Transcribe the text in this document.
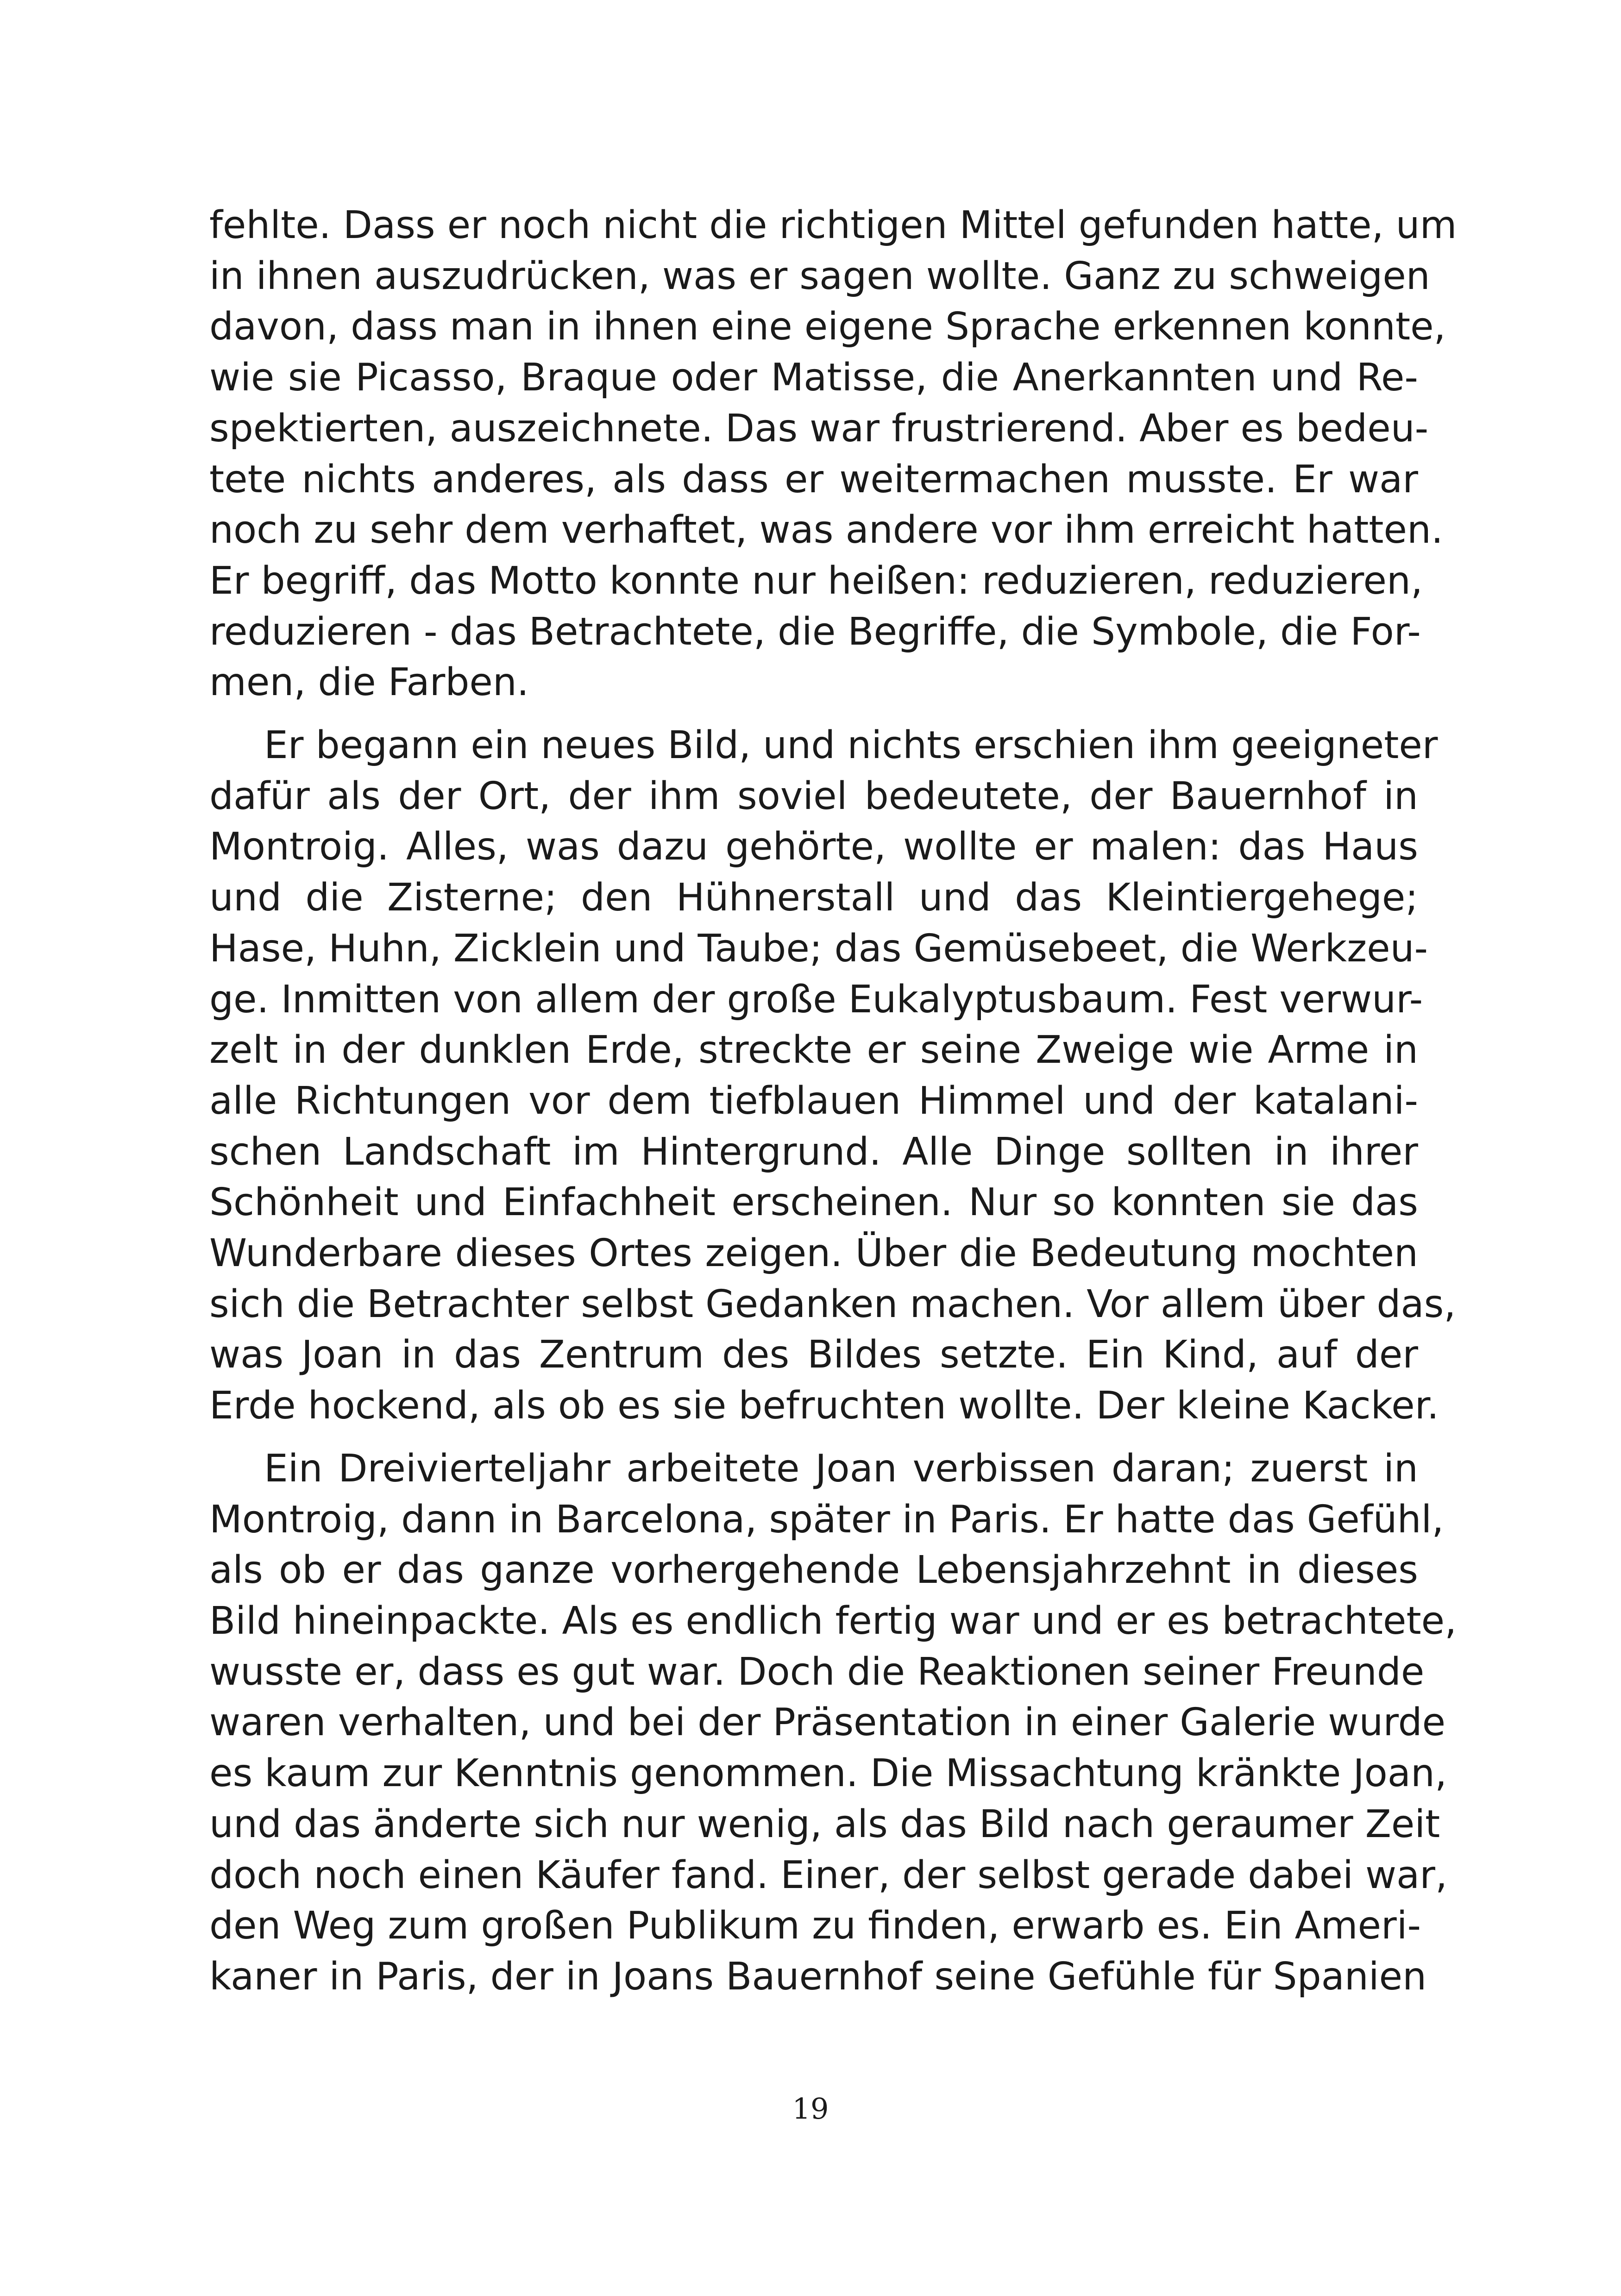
fehlte. Dass er noch nicht die richtigen Mittel gefunden hatte, um
in ihnen auszudrücken, was er sagen wollte. Ganz zu schweigen
davon, dass man in ihnen eine eigene Sprache erkennen konnte,
wie sie Picasso, Braque oder Matisse, die Anerkannten und Re-
spektierten, auszeichnete. Das war frustrierend. Aber es bedeu-
tete nichts anderes, als dass er weitermachen musste. Er war
noch zu sehr dem verhaftet, was andere vor ihm erreicht hatten.
Er begriff, das Motto konnte nur heißen: reduzieren, reduzieren,
reduzieren - das Betrachtete, die Begriffe, die Symbole, die For-
men, die Farben.

Er begann ein neues Bild, und nichts erschien ihm geeigneter
dafür als der Ort, der ihm soviel bedeutete, der Bauernhof in
Montroig. Alles, was dazu gehörte, wollte er malen: das Haus
und die Zisterne; den Hühnerstall und das Kleintiergehege;
Hase, Huhn, Zicklein und Taube; das Gemüsebeet, die Werkzeu-
ge. Inmitten von allem der große Eukalyptusbaum. Fest verwur-
zelt in der dunklen Erde, streckte er seine Zweige wie Arme in
alle Richtungen vor dem tiefblauen Himmel und der katalani-
schen Landschaft im Hintergrund. Alle Dinge sollten in ihrer
Schönheit und Einfachheit erscheinen. Nur so konnten sie das
Wunderbare dieses Ortes zeigen. Über die Bedeutung mochten
sich die Betrachter selbst Gedanken machen. Vor allem über das,
was Joan in das Zentrum des Bildes setzte. Ein Kind, auf der
Erde hockend, als ob es sie befruchten wollte. Der kleine Kacker.

Ein Dreivierteljahr arbeitete Joan verbissen daran; zuerst in
Montroig, dann in Barcelona, später in Paris. Er hatte das Gefühl,
als ob er das ganze vorhergehende Lebensjahrzehnt in dieses
Bild hineinpackte. Als es endlich fertig war und er es betrachtete,
wusste er, dass es gut war. Doch die Reaktionen seiner Freunde
waren verhalten, und bei der Präsentation in einer Galerie wurde
es kaum zur Kenntnis genommen. Die Missachtung kränkte Joan,
und das änderte sich nur wenig, als das Bild nach geraumer Zeit
doch noch einen Käufer fand. Einer, der selbst gerade dabei war,
den Weg zum großen Publikum zu finden, erwarb es. Ein Ameri-
kaner in Paris, der in Joans Bauernhof seine Gefühle für Spanien

19
